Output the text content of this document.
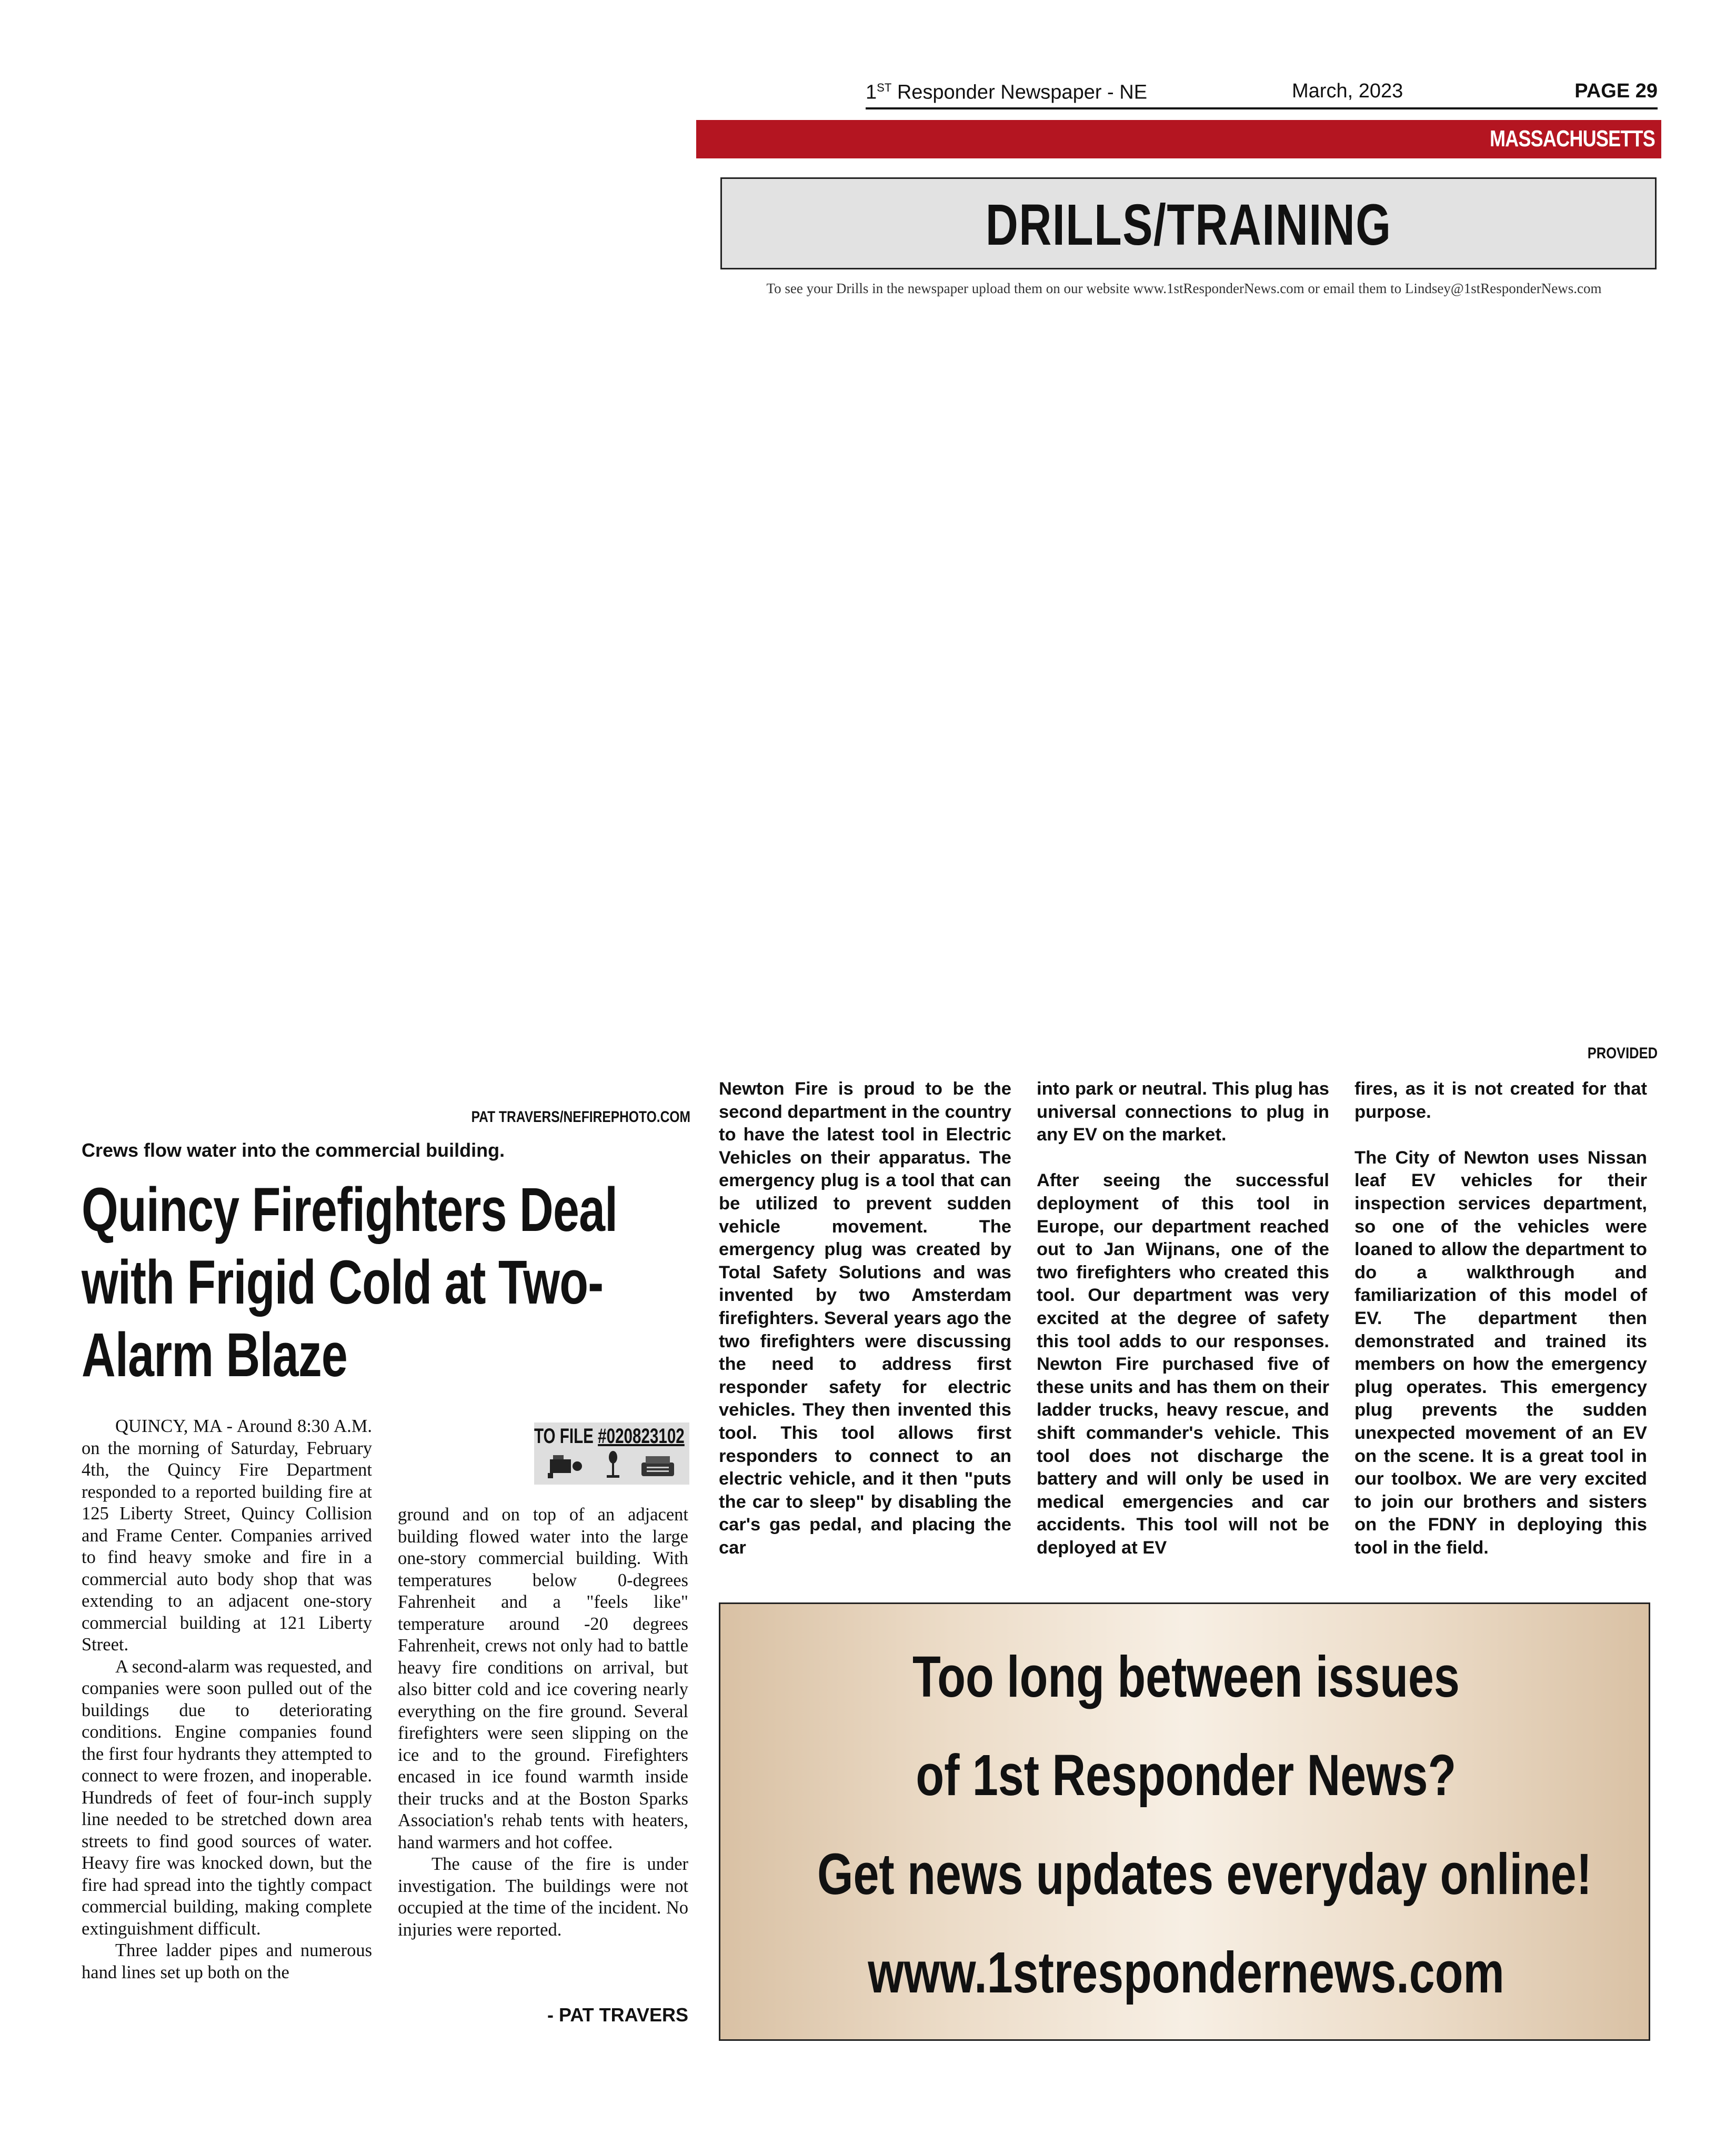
1ST Responder Newspaper - NE	March, 2023	PAGE 29
MASSACHUSETTS
DRILLS/TRAINING
To see your Drills in the newspaper upload them on our website www.1stResponderNews.com or email them to Lindsey@1stResponderNews.com
PROVIDED
PAT TRAVERS/NEFIREPHOTO.COM
Crews flow water into the commercial building.
Quincy Firefighters Deal
with Frigid Cold at Two-
Alarm Blaze

QUINCY, MA - Around 8:30 A.M. on the morning of Saturday, February 4th, the Quincy Fire Department responded to a reported building fire at 125 Liberty Street, Quincy Collision and Frame Center. Companies arrived to find heavy smoke and fire in a commercial auto body shop that was extending to an adjacent one-story commercial building at 121 Liberty Street.

A second-alarm was requested, and companies were soon pulled out of the buildings due to deteriorating conditions. Engine companies found the first four hydrants they attempted to connect to were frozen, and inoperable. Hundreds of feet of four-inch supply line needed to be stretched down area streets to find good sources of water. Heavy fire was knocked down, but the fire had spread into the tightly compact commercial building, making complete extinguishment difficult.

Three ladder pipes and numerous hand lines set up both on the

TO FILE #020823102

ground and on top of an adjacent building flowed water into the large one-story commercial building. With temperatures below 0-degrees Fahrenheit and a "feels like" temperature around -20 degrees Fahrenheit, crews not only had to battle heavy fire conditions on arrival, but also bitter cold and ice covering nearly everything on the fire ground. Several firefighters were seen slipping on the ice and to the ground. Firefighters encased in ice found warmth inside their trucks and at the Boston Sparks Association's rehab tents with heaters, hand warmers and hot coffee.

The cause of the fire is under investigation. The buildings were not occupied at the time of the incident. No injuries were reported.

- PAT TRAVERS

Newton Fire is proud to be the second department in the country to have the latest tool in Electric Vehicles on their apparatus. The emergency plug is a tool that can be utilized to prevent sudden vehicle movement. The emergency plug was created by Total Safety Solutions and was invented by two Amsterdam firefighters. Several years ago the two firefighters were discussing the need to address first responder safety for electric vehicles. They then invented this tool. This tool allows first responders to connect to an electric vehicle, and it then "puts the car to sleep" by disabling the car's gas pedal, and placing the car

into park or neutral. This plug has universal connections to plug in any EV on the market.

After seeing the successful deployment of this tool in Europe, our department reached out to Jan Wijnans, one of the two firefighters who created this tool. Our department was very excited at the degree of safety this tool adds to our responses. Newton Fire purchased five of these units and has them on their ladder trucks, heavy rescue, and shift commander's vehicle. This tool does not discharge the battery and will only be used in medical emergencies and car accidents. This tool will not be deployed at EV

fires, as it is not created for that purpose.

The City of Newton uses Nissan leaf EV vehicles for their inspection services department, so one of the vehicles were loaned to allow the department to do a walkthrough and familiarization of this model of EV. The department then demonstrated and trained its members on how the emergency plug operates. This emergency plug prevents the sudden unexpected movement of an EV on the scene. It is a great tool in our toolbox. We are very excited to join our brothers and sisters on the FDNY in deploying this tool in the field.

Too long between issues
of 1st Responder News?
Get news updates everyday online!
www.1strespondernews.com
